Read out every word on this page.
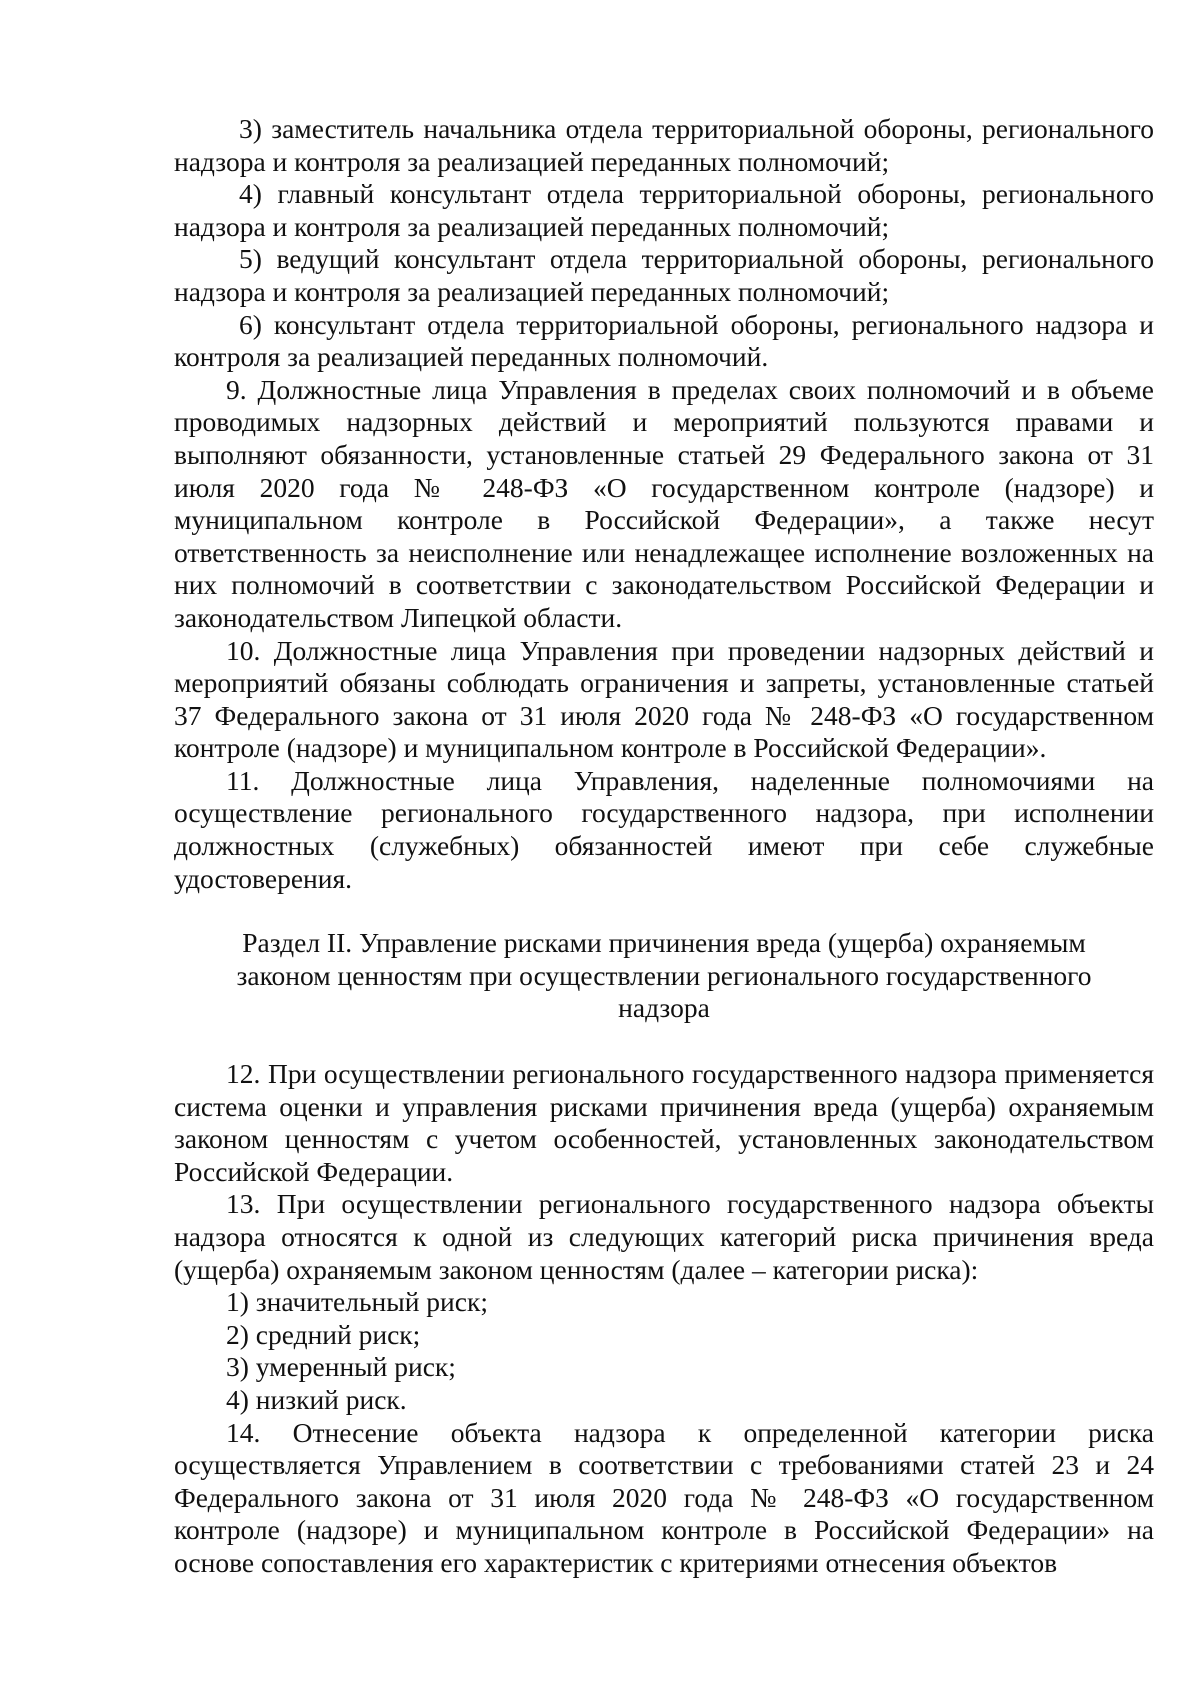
3) заместитель начальника отдела территориальной обороны, регионального надзора и контроля за реализацией переданных полномочий;

4) главный консультант отдела территориальной обороны, регионального надзора и контроля за реализацией переданных полномочий;

5) ведущий консультант отдела территориальной обороны, регионального надзора и контроля за реализацией переданных полномочий;

6) консультант отдела территориальной обороны, регионального надзора и контроля за реализацией переданных полномочий.

9. Должностные лица Управления в пределах своих полномочий и в объеме проводимых надзорных действий и мероприятий пользуются правами и выполняют обязанности, установленные статьей 29 Федерального закона от 31 июля 2020 года № 248-ФЗ «О государственном контроле (надзоре) и муниципальном контроле в Российской Федерации», а также несут ответственность за неисполнение или ненадлежащее исполнение возложенных на них полномочий в соответствии с законодательством Российской Федерации и законодательством Липецкой области.

10. Должностные лица Управления при проведении надзорных действий и мероприятий обязаны соблюдать ограничения и запреты, установленные статьей 37 Федерального закона от 31 июля 2020 года № 248-ФЗ «О государственном контроле (надзоре) и муниципальном контроле в Российской Федерации».

11. Должностные лица Управления, наделенные полномочиями на осуществление регионального государственного надзора, при исполнении должностных (служебных) обязанностей имеют при себе служебные удостоверения.

Раздел II. Управление рисками причинения вреда (ущерба) охраняемым законом ценностям при осуществлении регионального государственного надзора

12. При осуществлении регионального государственного надзора применяется система оценки и управления рисками причинения вреда (ущерба) охраняемым законом ценностям с учетом особенностей, установленных законодательством Российской Федерации.

13. При осуществлении регионального государственного надзора объекты надзора относятся к одной из следующих категорий риска причинения вреда (ущерба) охраняемым законом ценностям (далее – категории риска):

1) значительный риск;

2) средний риск;

3) умеренный риск;

4) низкий риск.

14. Отнесение объекта надзора к определенной категории риска осуществляется Управлением в соответствии с требованиями статей 23 и 24 Федерального закона от 31 июля 2020 года № 248-ФЗ «О государственном контроле (надзоре) и муниципальном контроле в Российской Федерации» на основе сопоставления его характеристик с критериями отнесения объектов
